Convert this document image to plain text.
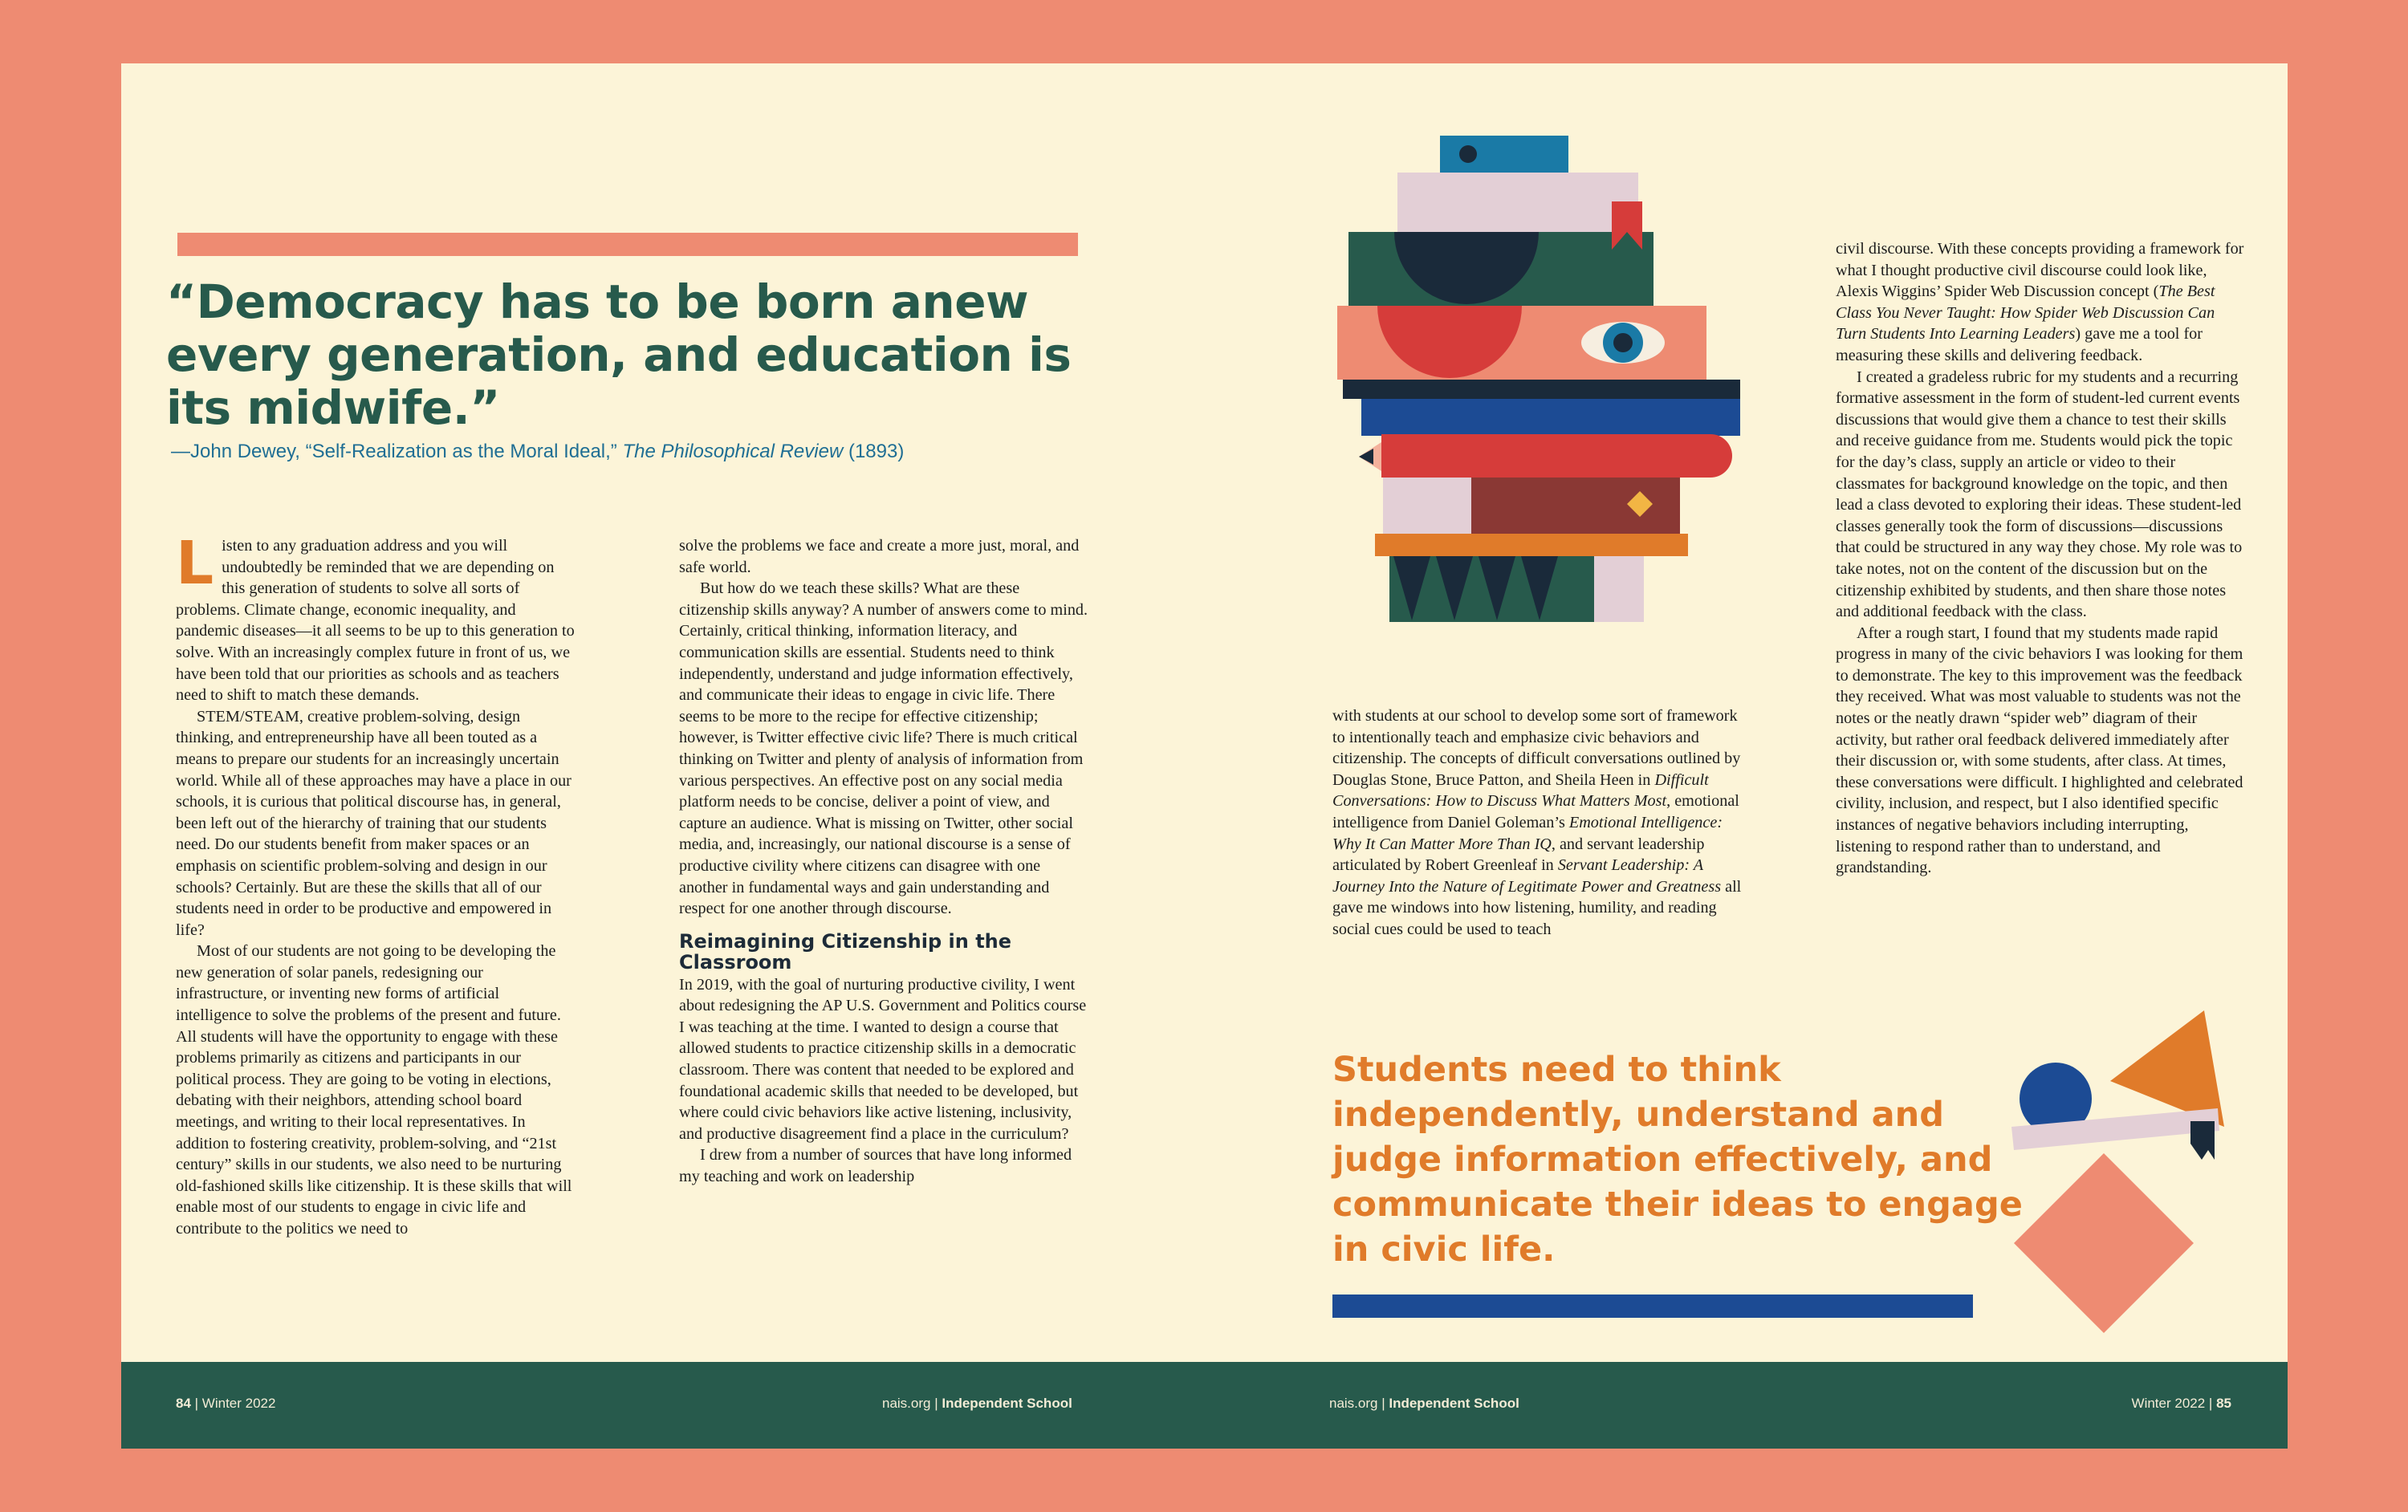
“Democracy has to be born anew every generation, and education is its midwife.”
—John Dewey, “Self-Realization as the Moral Ideal,” The Philosophical Review (1893)

Listen to any graduation address and you will undoubtedly be reminded that we are depending on this generation of students to solve all sorts of problems. Climate change, economic inequality, and pandemic diseases—it all seems to be up to this generation to solve. With an increasingly complex future in front of us, we have been told that our priorities as schools and as teachers need to shift to match these demands.

STEM/STEAM, creative problem-solving, design thinking, and entrepreneurship have all been touted as a means to prepare our students for an increasingly uncertain world. While all of these approaches may have a place in our schools, it is curious that political discourse has, in general, been left out of the hierarchy of training that our students need. Do our students benefit from maker spaces or an emphasis on scientific problem-solving and design in our schools? Certainly. But are these the skills that all of our students need in order to be productive and empowered in life?

Most of our students are not going to be developing the new generation of solar panels, redesigning our infrastructure, or inventing new forms of artificial intelligence to solve the problems of the present and future. All students will have the opportunity to engage with these problems primarily as citizens and participants in our political process. They are going to be voting in elections, debating with their neighbors, attending school board meetings, and writing to their local representatives. In addition to fostering creativity, problem-solving, and “21st century” skills in our students, we also need to be nurturing old-fashioned skills like citizenship. It is these skills that will enable most of our students to engage in civic life and contribute to the politics we need to

solve the problems we face and create a more just, moral, and safe world.

But how do we teach these skills? What are these citizenship skills anyway? A number of answers come to mind. Certainly, critical thinking, information literacy, and communication skills are essential. Students need to think independently, understand and judge information effectively, and communicate their ideas to engage in civic life. There seems to be more to the recipe for effective citizenship; however, is Twitter effective civic life? There is much critical thinking on Twitter and plenty of analysis of information from various perspectives. An effective post on any social media platform needs to be concise, deliver a point of view, and capture an audience. What is missing on Twitter, other social media, and, increasingly, our national discourse is a sense of productive civility where citizens can disagree with one another in fundamental ways and gain understanding and respect for one another through discourse.

Reimagining Citizenship in the Classroom

In 2019, with the goal of nurturing productive civility, I went about redesigning the AP U.S. Government and Politics course I was teaching at the time. I wanted to design a course that allowed students to practice citizenship skills in a democratic classroom. There was content that needed to be explored and foundational academic skills that needed to be developed, but where could civic behaviors like active listening, inclusivity, and productive disagreement find a place in the curriculum?

I drew from a number of sources that have long informed my teaching and work on leadership

with students at our school to develop some sort of framework to intentionally teach and emphasize civic behaviors and citizenship. The concepts of difficult conversations outlined by Douglas Stone, Bruce Patton, and Sheila Heen in Difficult Conversations: How to Discuss What Matters Most, emotional intelligence from Daniel Goleman’s Emotional Intelligence: Why It Can Matter More Than IQ, and servant leadership articulated by Robert Greenleaf in Servant Leadership: A Journey Into the Nature of Legitimate Power and Greatness all gave me windows into how listening, humility, and reading social cues could be used to teach

civil discourse. With these concepts providing a framework for what I thought productive civil discourse could look like, Alexis Wiggins’ Spider Web Discussion concept (The Best Class You Never Taught: How Spider Web Discussion Can Turn Students Into Learning Leaders) gave me a tool for measuring these skills and delivering feedback.

I created a gradeless rubric for my students and a recurring formative assessment in the form of student-led current events discussions that would give them a chance to test their skills and receive guidance from me. Students would pick the topic for the day’s class, supply an article or video to their classmates for background knowledge on the topic, and then lead a class devoted to exploring their ideas. These student-led classes generally took the form of discussions—discussions that could be structured in any way they chose. My role was to take notes, not on the content of the discussion but on the citizenship exhibited by students, and then share those notes and additional feedback with the class.

After a rough start, I found that my students made rapid progress in many of the civic behaviors I was looking for them to demonstrate. The key to this improvement was the feedback they received. What was most valuable to students was not the notes or the neatly drawn “spider web” diagram of their activity, but rather oral feedback delivered immediately after their discussion or, with some students, after class. At times, these conversations were difficult. I highlighted and celebrated civility, inclusion, and respect, but I also identified specific instances of negative behaviors including interrupting, listening to respond rather than to understand, and grandstanding.

Students need to think independently, understand and judge information effectively, and communicate their ideas to engage in civic life.

84 | Winter 2022	nais.org | Independent School	nais.org | Independent School	Winter 2022 | 85
